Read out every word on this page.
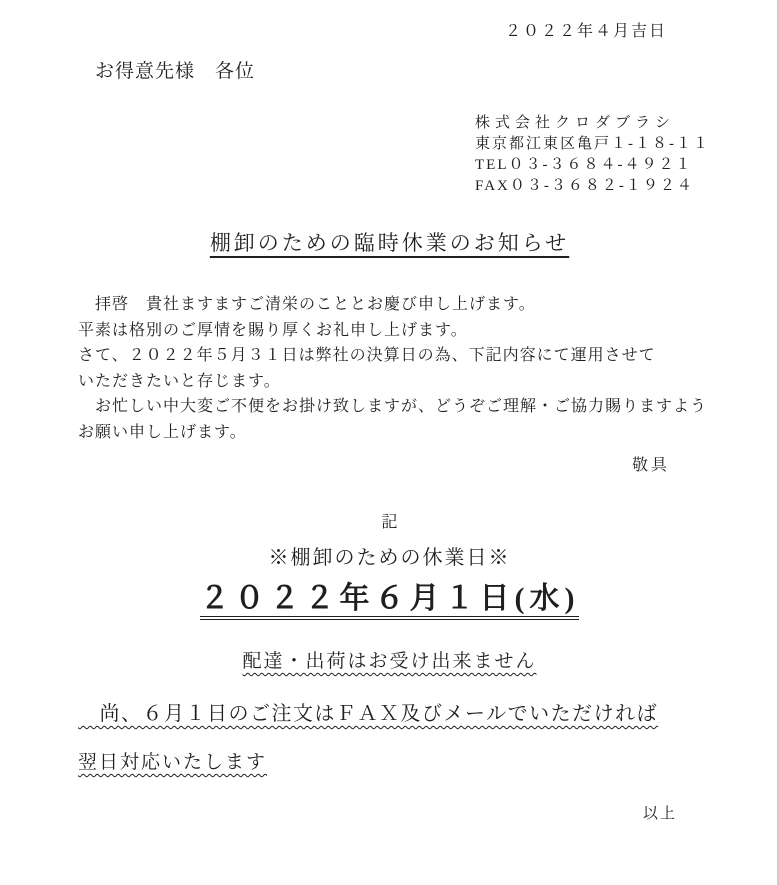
２０２２年４月吉日

お得意先様　各位

株式会社クロダブラシ

東京都江東区亀戸１-１８-１１

TEL０３-３６８４-４９２１

FAX０３-３６８２-１９２４

棚卸のための臨時休業のお知らせ

　拝啓　貴社ますますご清栄のこととお慶び申し上げます。

平素は格別のご厚情を賜り厚くお礼申し上げます。

さて、２０２２年５月３１日は弊社の決算日の為、下記内容にて運用させて

いただきたいと存じます。

　お忙しい中大変ご不便をお掛け致しますが、どうぞご理解・ご協力賜りますよう

お願い申し上げます。

敬具

記

※棚卸のための休業日※

２０２２年６月１日(水)

配達・出荷はお受け出来ません

　尚、６月１日のご注文はＦＡＸ及びメールでいただければ

翌日対応いたします

以上
